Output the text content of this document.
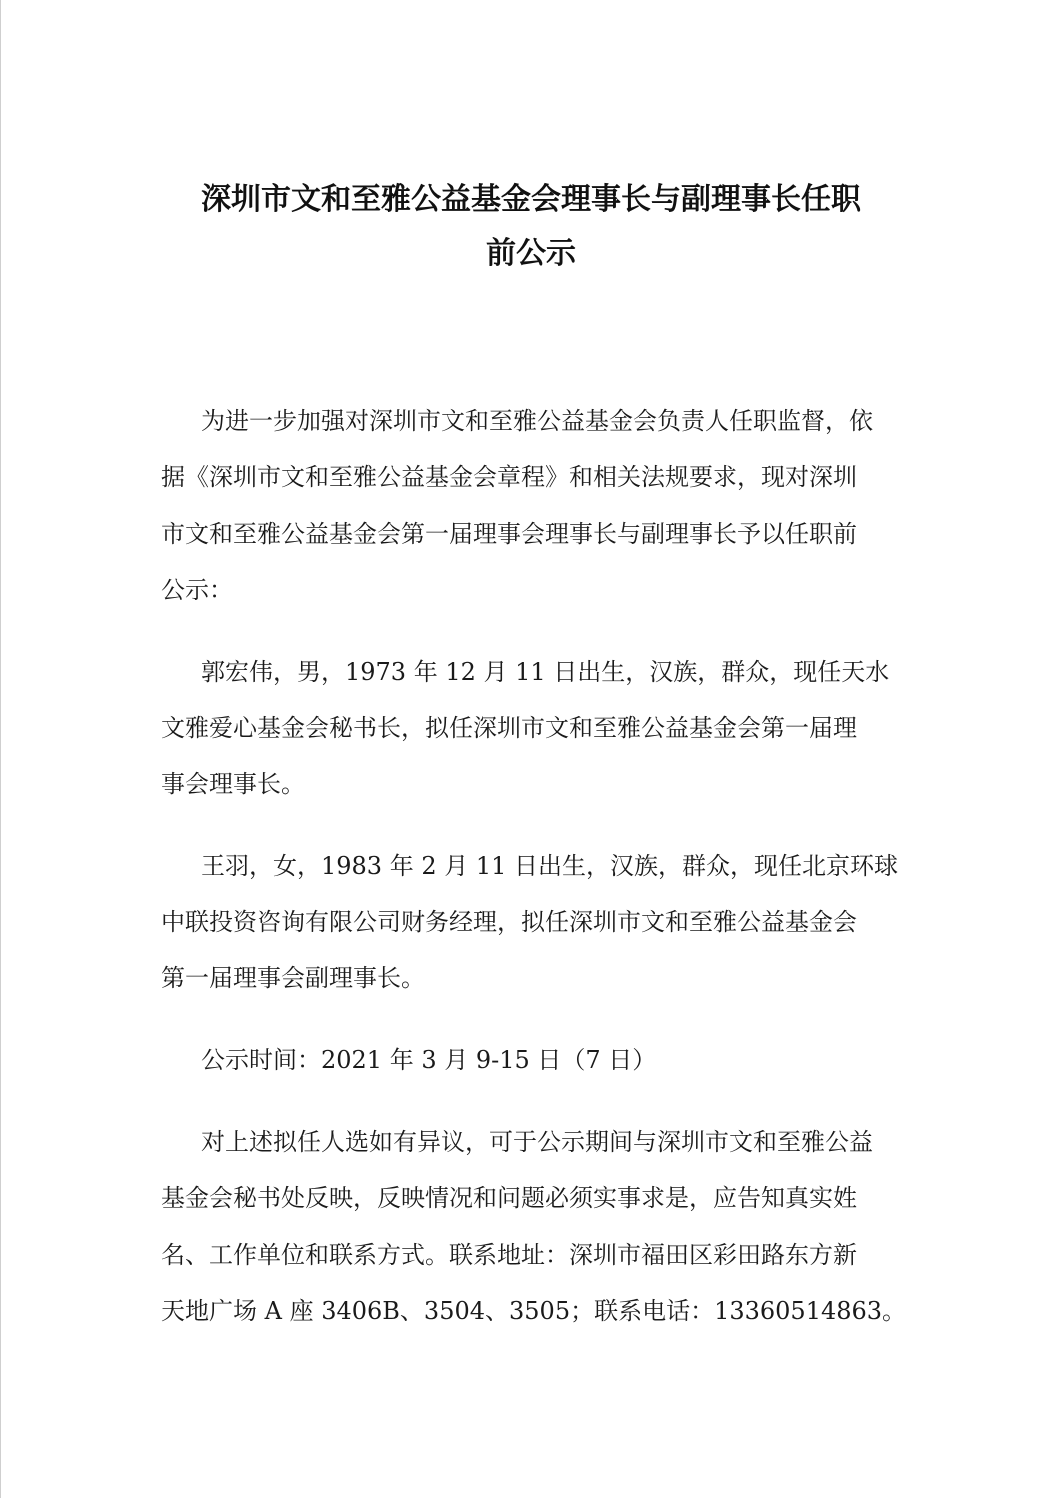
深圳市文和至雅公益基金会理事长与副理事长任职
前公示

为进一步加强对深圳市文和至雅公益基金会负责人任职监督，依

据《深圳市文和至雅公益基金会章程》和相关法规要求，现对深圳

市文和至雅公益基金会第一届理事会理事长与副理事长予以任职前

公示：

郭宏伟，男，1973 年 12 月 11 日出生，汉族，群众，现任天水

文雅爱心基金会秘书长，拟任深圳市文和至雅公益基金会第一届理

事会理事长。

王羽，女，1983 年 2 月 11 日出生，汉族，群众，现任北京环球

中联投资咨询有限公司财务经理，拟任深圳市文和至雅公益基金会

第一届理事会副理事长。

公示时间：2021 年 3 月 9-15 日（7 日）

对上述拟任人选如有异议，可于公示期间与深圳市文和至雅公益

基金会秘书处反映，反映情况和问题必须实事求是，应告知真实姓

名、工作单位和联系方式。联系地址：深圳市福田区彩田路东方新

天地广场 A 座 3406B、3504、3505；联系电话：13360514863。
